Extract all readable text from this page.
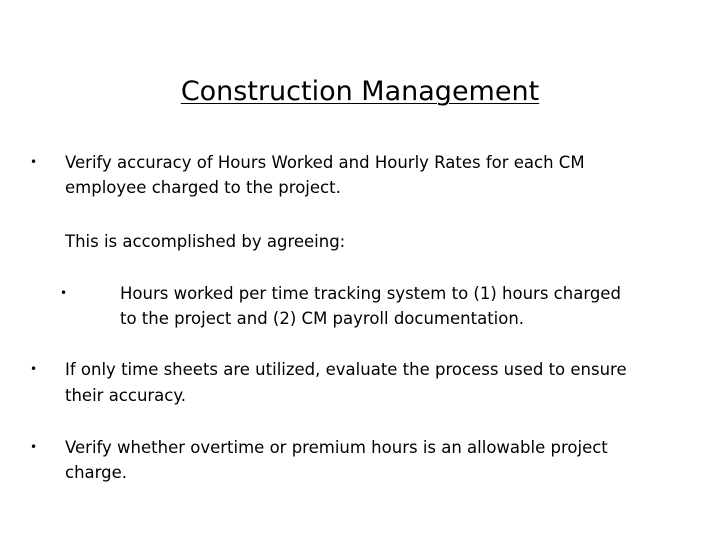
Construction Management
• Verify accuracy of Hours Worked and Hourly Rates for each CM

employee charged to the project.

This is accomplished by agreeing:

•	Hours worked per time tracking system to (1) hours charged

to the project and (2) CM payroll documentation.

• If only time sheets are utilized, evaluate the process used to ensure

their accuracy.

• Verify whether overtime or premium hours is an allowable project

charge.
